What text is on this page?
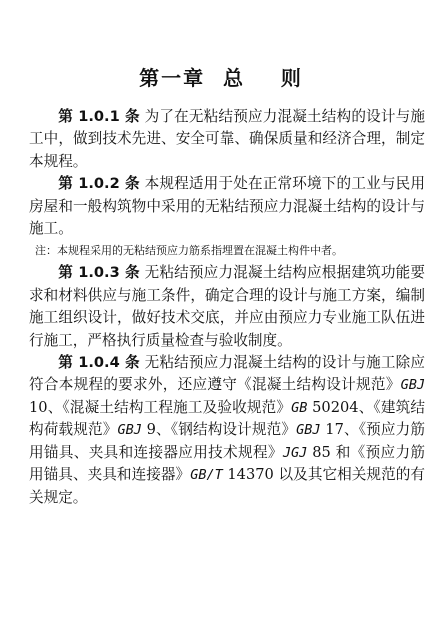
第一章  总    则

第 1.0.1 条 为了在无粘结预应力混凝土结构的设计与施工中，做到技术先进、安全可靠、确保质量和经济合理，制定本规程。

第 1.0.2 条 本规程适用于处在正常环境下的工业与民用房屋和一般构筑物中采用的无粘结预应力混凝土结构的设计与施工。

注：本规程采用的无粘结预应力筋系指埋置在混凝土构件中者。

第 1.0.3 条 无粘结预应力混凝土结构应根据建筑功能要求和材料供应与施工条件，确定合理的设计与施工方案，编制施工组织设计，做好技术交底，并应由预应力专业施工队伍进行施工，严格执行质量检查与验收制度。

第 1.0.4 条 无粘结预应力混凝土结构的设计与施工除应符合本规程的要求外，还应遵守《混凝土结构设计规范》GBJ 10、《混凝土结构工程施工及验收规范》GB 50204、《建筑结构荷载规范》GBJ 9、《钢结构设计规范》GBJ 17、《预应力筋用锚具、夹具和连接器应用技术规程》JGJ 85 和《预应力筋用锚具、夹具和连接器》GB/T 14370 以及其它相关规范的有关规定。
